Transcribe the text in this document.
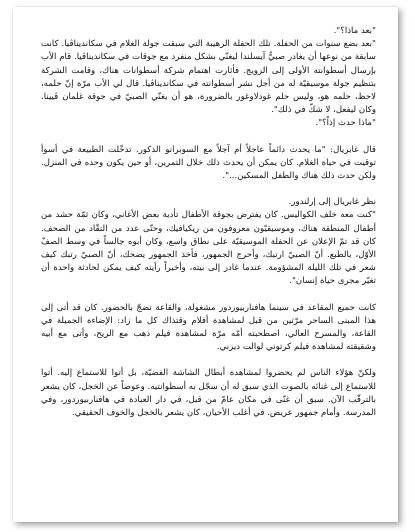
"بعد ماذا؟".

"بعد بضع سنوات من الحفلة. تلك الحفلة الرهيبة التي سبقت جولة الغلام في سكانديناڤيا. كانت سابقة من نوعها أن يغادر صبيٌّ آيسلندا ليغنّي بشكل منفرد مع جوقات في سكانديناڤيا. قام الأب بإرسال أسطوانته الأولى إلى الزويج. فأثارت اهتمام شركة أسطوانات هناك، وقامت الشركة بتنظيم جولة موسيقيّة له من أجل نشر أسطوانته في سكانديناڤيا. قال لي الأب مرّة إنّ حلمه، لاحظ، حلمه هو، وليس حلم غودلاوغور بالضرورة، هو أن يغنّي الصبيّ في جوقة غلمان ڤيينا. وكان ليفعل، لا شكّ في ذلك".

"ماذا حدث إذاً؟".

قال غابريال: "ما يحدث دائماً عاجلاً أم آجلاً مع السوبرانو الذكور. تدخّلت الطبيعة في أسوأ توقيت في حياة الغلام. كان يمكن أن يحدث ذلك خلال التمرين، أو حين يكون وحده في المنزل. ولكن حدث ذلك هناك والطفل المسكين...".

نظر غابريال إلى إرلندور.

"كنت معه خلف الكواليس. كان يفترض بجوقة الأطفال تأدية بعض الأغاني، وكان ثمّة حشد من أطفال المنطقة هناك، وموسيقيّون معروفون من ريكيافيك، وحتّى عدد من النقّاد من الصحف. كان قد تمّ الإعلان عن الحفلة الموسيقيّة على نطاق واسع، وكان أبوه جالساً في وسط الصفّ الأوّل، بالطبع. أنّ الصبيّ ارتبك، وأحرج الجمهور، فأخذ الجمهور يضحك، أنّ الصبيّ رتبك كيف شعر في تلك الليلة المشؤومة. عندما غادر إلى بيته، وأخيراً رأيته كيف يمكن لحادثة واحدة أن تغيّر مجرى حياة إنسان".

كانت جميع المقاعد في سينما هافناربيوردور مشغولة، والقاعة تضجّ بالحضور. كان قد أتى إلى هذا المبنى الساحر مرّتين من قبل لمشاهدة أفلام وقتذاك كل ما زاد: الإضاءة الجميلة في القاعة، والمسرح العالي، اصطحبته أمّه مرّة لمشاهدة فيلم ذهب مع الريح، وأتى مع أبيه وشقيقته لمشاهدة فيلم كرتوني لوالت ديزني.

ولكنّ هؤلاء الناس لم يحضروا لمشاهدة أبطال الشاشة الفضيّة، بل أتوا للاستماع إليه. أتوا للاستماع إلى غنائه بالصوت الذي سبق له أن سجّل به أسطوانتيه. وعوضاً عن الخجل، كان يشعر بالترقّب الآن. سبق أن غنّى في مكان عامّ من قبل، في دار العبادة في هافناربيوردور، وفي المدرسة. وأمام جمهور عريض. في أغلب الأحيان، كان يشعر بالخجل والخوف الحقيقي.
